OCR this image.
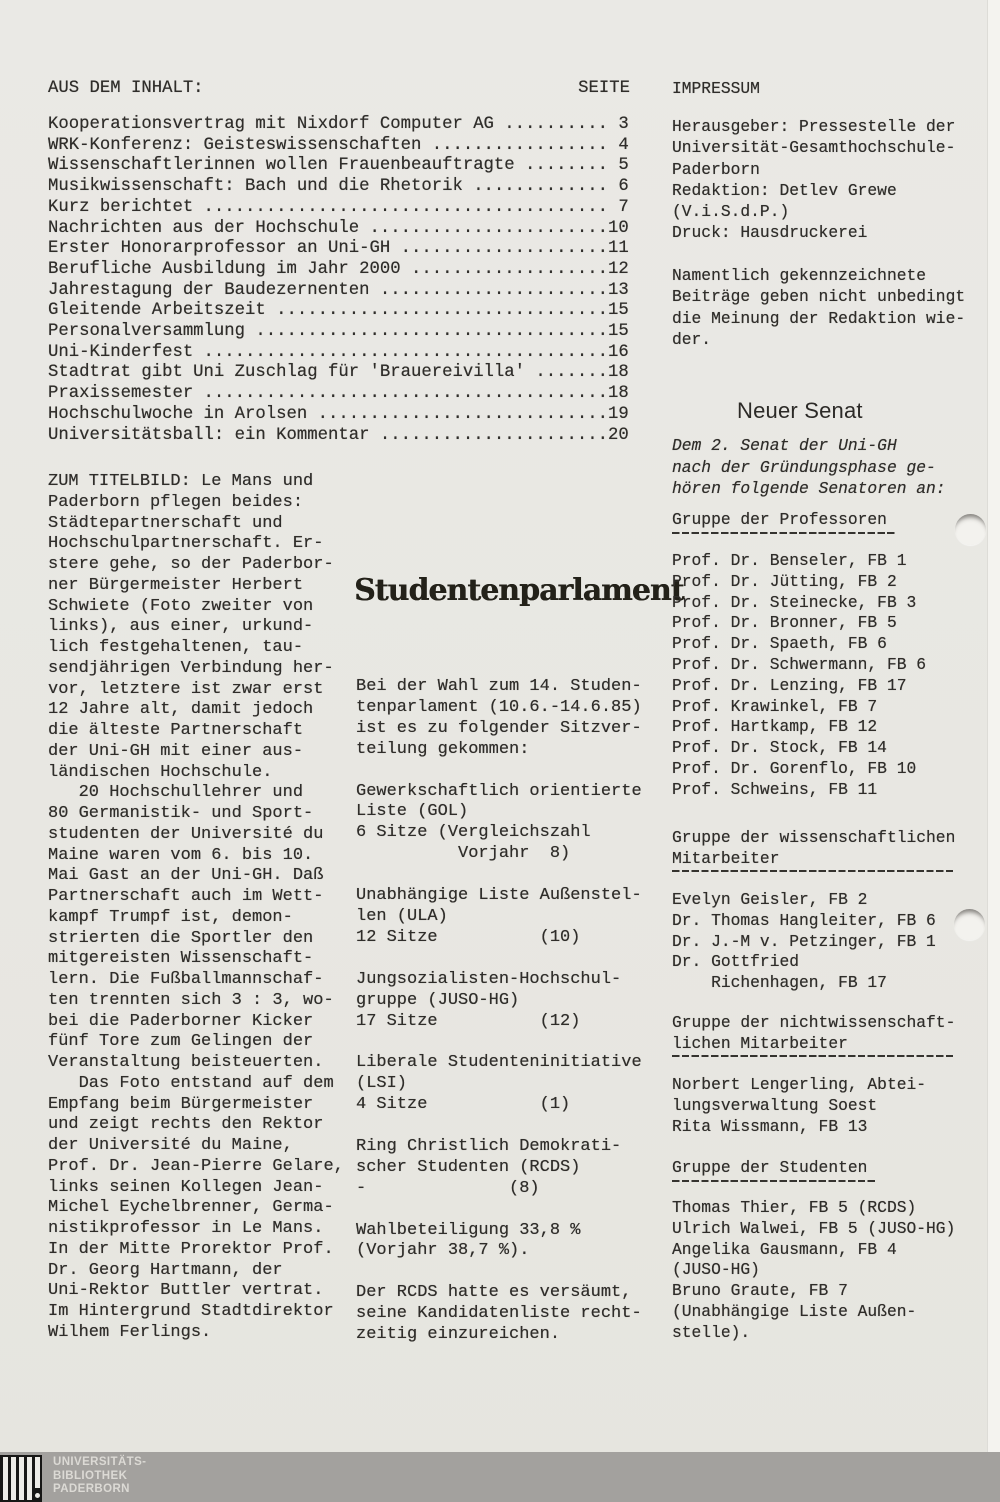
AUS DEM INHALT:	SEITE	IMPRESSUM
Kooperationsvertrag mit Nixdorf Computer AG .......... 3
WRK-Konferenz: Geisteswissenschaften ................. 4
Wissenschaftlerinnen wollen Frauenbeauftragte ........ 5
Musikwissenschaft: Bach und die Rhetorik ............. 6
Kurz berichtet ....................................... 7
Nachrichten aus der Hochschule .......................10
Erster Honorarprofessor an Uni-GH ....................11
Berufliche Ausbildung im Jahr 2000 ...................12
Jahrestagung der Baudezernenten ......................13
Gleitende Arbeitszeit ................................15
Personalversammlung ..................................15
Uni-Kinderfest .......................................16
Stadtrat gibt Uni Zuschlag für 'Brauereivilla' .......18
Praxissemester .......................................18
Hochschulwoche in Arolsen ............................19
Universitätsball: ein Kommentar ......................20
ZUM TITELBILD: Le Mans und
Paderborn pflegen beides:
Städtepartnerschaft und
Hochschulpartnerschaft. Er-
stere gehe, so der Paderbor-
ner Bürgermeister Herbert
Schwiete (Foto zweiter von
links), aus einer, urkund-
lich festgehaltenen, tau-
sendjährigen Verbindung her-
vor, letztere ist zwar erst
12 Jahre alt, damit jedoch
die älteste Partnerschaft
der Uni-GH mit einer aus-
ländischen Hochschule.
20 Hochschullehrer und
80 Germanistik- und Sport-
studenten der Université du
Maine waren vom 6. bis 10.
Mai Gast an der Uni-GH. Daß
Partnerschaft auch im Wett-
kampf Trumpf ist, demon-
strierten die Sportler den
mitgereisten Wissenschaft-
lern. Die Fußballmannschaf-
ten trennten sich 3 : 3, wo-
bei die Paderborner Kicker
fünf Tore zum Gelingen der
Veranstaltung beisteuerten.
Das Foto entstand auf dem
Empfang beim Bürgermeister
und zeigt rechts den Rektor
der Université du Maine,
Prof. Dr. Jean-Pierre Gelare,
links seinen Kollegen Jean-
Michel Eychelbrenner, Germa-
nistikprofessor in Le Mans.
In der Mitte Prorektor Prof.
Dr. Georg Hartmann, der
Uni-Rektor Buttler vertrat.
Im Hintergrund Stadtdirektor
Wilhem Ferlings.
Studentenparlament
Bei der Wahl zum 14. Studen-
tenparlament (10.6.-14.6.85)
ist es zu folgender Sitzver-
teilung gekommen:

Gewerkschaftlich orientierte
Liste (GOL)
6 Sitze (Vergleichszahl
Vorjahr  8)

Unabhängige Liste Außenstel-
len (ULA)
12 Sitze          (10)

Jungsozialisten-Hochschul-
gruppe (JUSO-HG)
17 Sitze          (12)

Liberale Studenteninitiative
(LSI)
4 Sitze           (1)

Ring Christlich Demokrati-
scher Studenten (RCDS)
-              (8)

Wahlbeteiligung 33,8 %
(Vorjahr 38,7 %).

Der RCDS hatte es versäumt,
seine Kandidatenliste recht-
zeitig einzureichen.
Herausgeber: Pressestelle der
Universität-Gesamthochschule-
Paderborn
Redaktion: Detlev Grewe
(V.i.S.d.P.)
Druck: Hausdruckerei

Namentlich gekennzeichnete
Beiträge geben nicht unbedingt
die Meinung der Redaktion wie-
der.
Neuer Senat
Dem 2. Senat der Uni-GH
nach der Gründungsphase ge-
hören folgende Senatoren an:
Gruppe der Professoren
Prof. Dr. Benseler, FB 1
Prof. Dr. Jütting, FB 2
Prof. Dr. Steinecke, FB 3
Prof. Dr. Bronner, FB 5
Prof. Dr. Spaeth, FB 6
Prof. Dr. Schwermann, FB 6
Prof. Dr. Lenzing, FB 17
Prof. Krawinkel, FB 7
Prof. Hartkamp, FB 12
Prof. Dr. Stock, FB 14
Prof. Dr. Gorenflo, FB 10
Prof. Schweins, FB 11
Gruppe der wissenschaftlichen
Mitarbeiter
Evelyn Geisler, FB 2
Dr. Thomas Hangleiter, FB 6
Dr. J.-M v. Petzinger, FB 1
Dr. Gottfried
Richenhagen, FB 17
Gruppe der nichtwissenschaft-
lichen Mitarbeiter
Norbert Lengerling, Abtei-
lungsverwaltung Soest
Rita Wissmann, FB 13
Gruppe der Studenten
Thomas Thier, FB 5 (RCDS)
Ulrich Walwei, FB 5 (JUSO-HG)
Angelika Gausmann, FB 4
(JUSO-HG)
Bruno Graute, FB 7
(Unabhängige Liste Außen-
stelle).
UNIVERSITÄTS-
BIBLIOTHEK
PADERBORN
